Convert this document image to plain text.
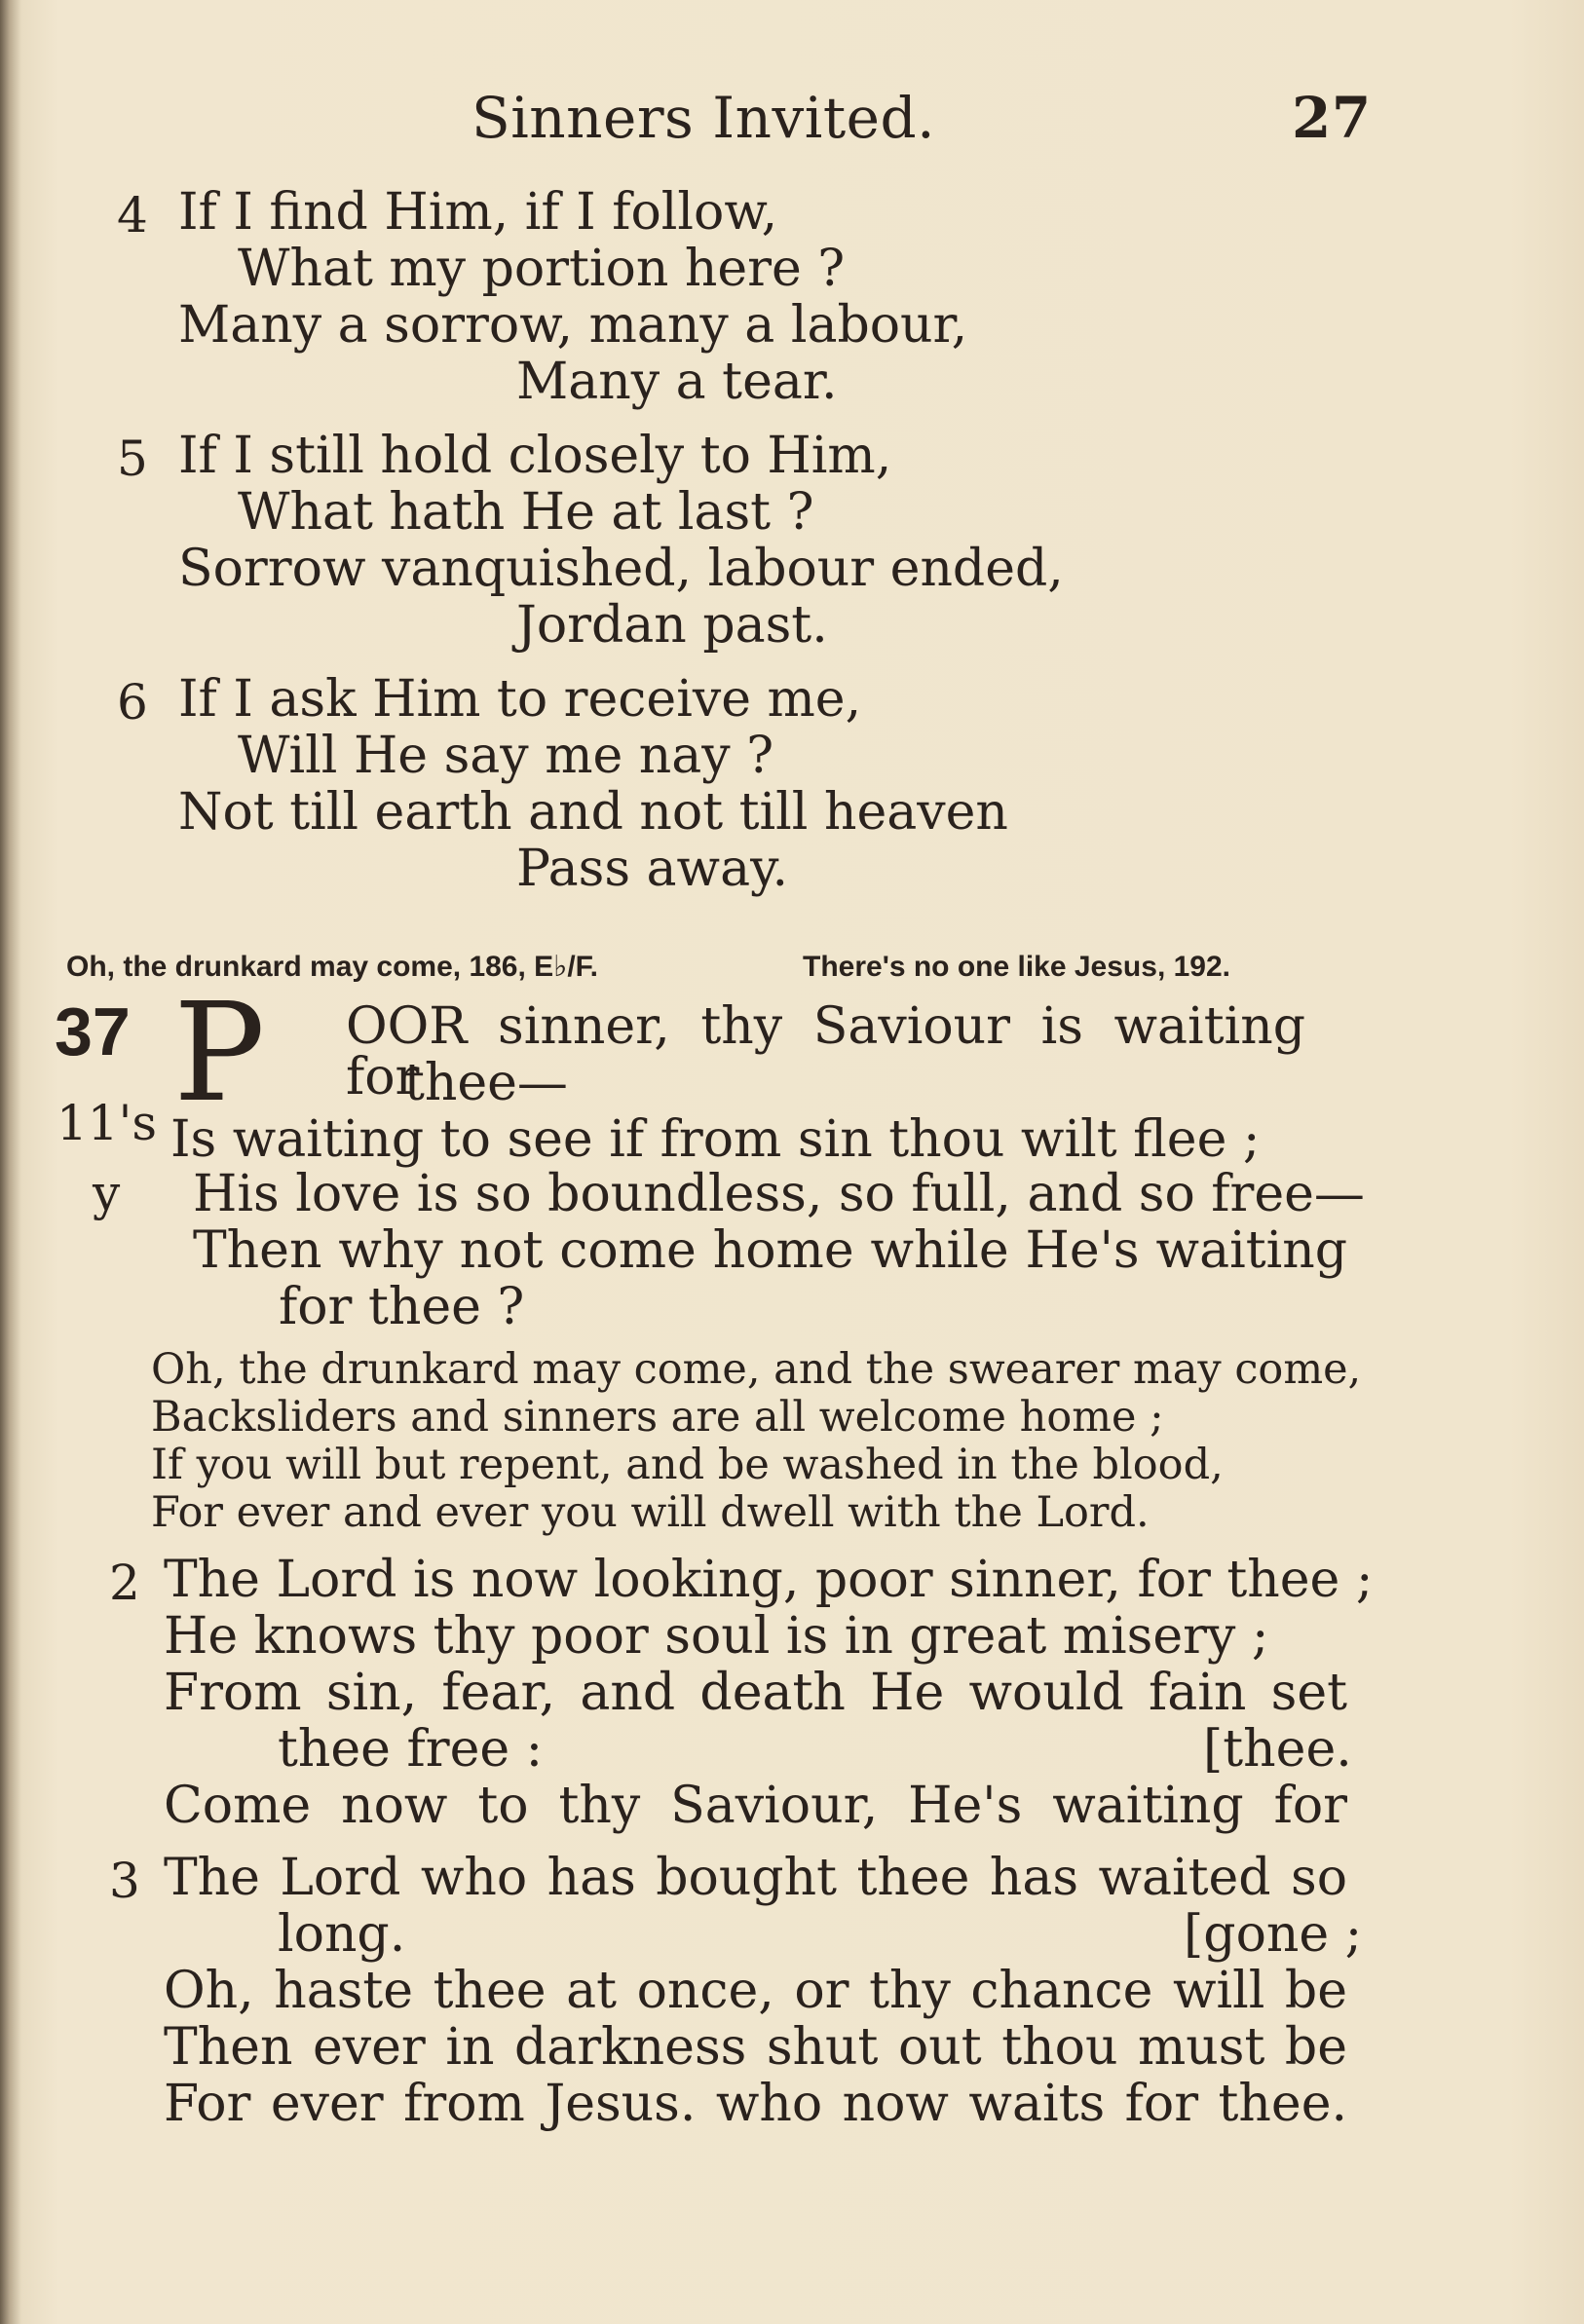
Sinners Invited.	27
4 If I find Him, if I follow,
What my portion here ?
Many a sorrow, many a labour,
Many a tear.
5 If I still hold closely to Him,
What hath He at last ?
Sorrow vanquished, labour ended,
Jordan past.
6 If I ask Him to receive me,
Will He say me nay ?
Not till earth and not till heaven
Pass away.
Oh, the drunkard may come, 186, E♭/F.	There's no one like Jesus, 192.
37
11's
y
P OOR sinner, thy Saviour is waiting for
thee—
Is waiting to see if from sin thou wilt flee ;
His love is so boundless, so full, and so free—
Then why not come home while He's waiting
for thee ?
Oh, the drunkard may come, and the swearer may come,
Backsliders and sinners are all welcome home ;
If you will but repent, and be washed in the blood,
For ever and ever you will dwell with the Lord.
2 The Lord is now looking, poor sinner, for thee ;
He knows thy poor soul is in great misery ;
From sin, fear, and death He would fain set
thee free :	[thee.
Come now to thy Saviour, He's waiting for
3 The Lord who has bought thee has waited so
long.	[gone ;
Oh, haste thee at once, or thy chance will be
Then ever in darkness shut out thou must be
For ever from Jesus. who now waits for thee.
